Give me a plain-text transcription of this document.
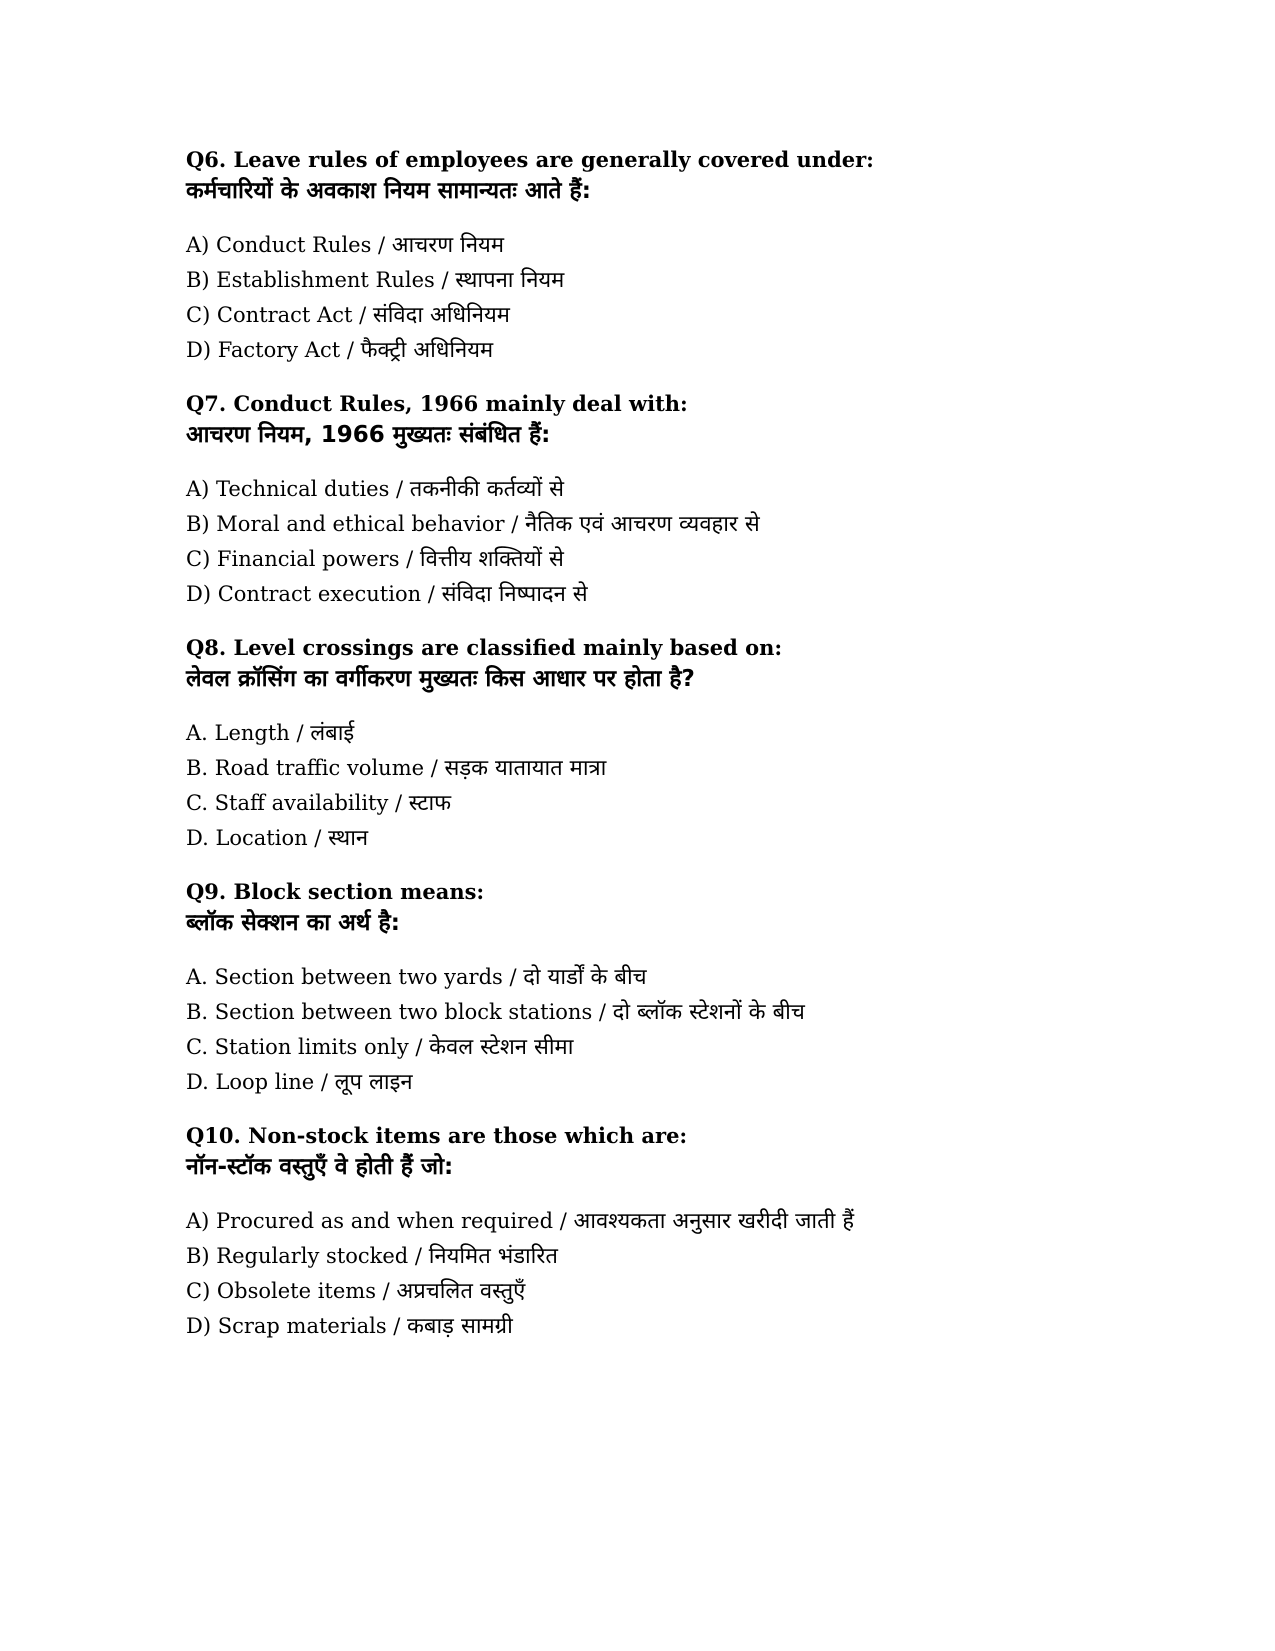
Q6. Leave rules of employees are generally covered under:
कर्मचारियों के अवकाश नियम सामान्यतः आते हैं:
A) Conduct Rules / आचरण नियम
B) Establishment Rules / स्थापना नियम
C) Contract Act / संविदा अधिनियम
D) Factory Act / फैक्ट्री अधिनियम
Q7. Conduct Rules, 1966 mainly deal with:
आचरण नियम, 1966 मुख्यतः संबंधित हैं:
A) Technical duties / तकनीकी कर्तव्यों से
B) Moral and ethical behavior / नैतिक एवं आचरण व्यवहार से
C) Financial powers / वित्तीय शक्तियों से
D) Contract execution / संविदा निष्पादन से
Q8. Level crossings are classified mainly based on:
लेवल क्रॉसिंग का वर्गीकरण मुख्यतः किस आधार पर होता है?
A. Length / लंबाई
B. Road traffic volume / सड़क यातायात मात्रा
C. Staff availability / स्टाफ
D. Location / स्थान
Q9. Block section means:
ब्लॉक सेक्शन का अर्थ है:
A. Section between two yards / दो यार्डों के बीच
B. Section between two block stations / दो ब्लॉक स्टेशनों के बीच
C. Station limits only / केवल स्टेशन सीमा
D. Loop line / लूप लाइन
Q10. Non-stock items are those which are:
नॉन-स्टॉक वस्तुएँ वे होती हैं जो:
A) Procured as and when required / आवश्यकता अनुसार खरीदी जाती हैं
B) Regularly stocked / नियमित भंडारित
C) Obsolete items / अप्रचलित वस्तुएँ
D) Scrap materials / कबाड़ सामग्री
